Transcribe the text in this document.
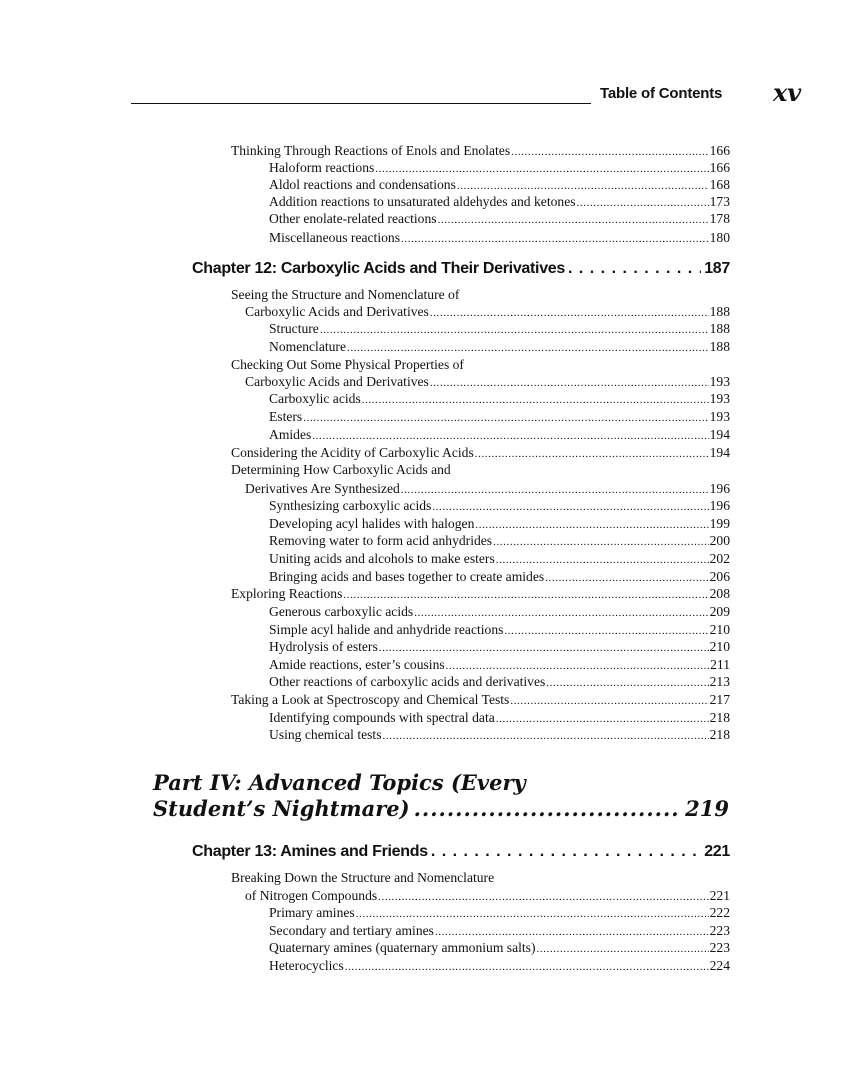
Table of Contents xv
Thinking Through Reactions of Enols and Enolates .....	166
Haloform reactions .....	166
Aldol reactions and condensations .....	168
Addition reactions to unsaturated aldehydes and ketones .....	173
Other enolate-related reactions .....	178
Miscellaneous reactions .....	180
Chapter 12: Carboxylic Acids and Their Derivatives . . .	187
Seeing the Structure and Nomenclature of
Carboxylic Acids and Derivatives .....	188
Structure .....	188
Nomenclature .....	188
Checking Out Some Physical Properties of
Carboxylic Acids and Derivatives .....	193
Carboxylic acids .....	193
Esters .....	193
Amides .....	194
Considering the Acidity of Carboxylic Acids .....	194
Determining How Carboxylic Acids and
Derivatives Are Synthesized .....	196
Synthesizing carboxylic acids .....	196
Developing acyl halides with halogen .....	199
Removing water to form acid anhydrides .....	200
Uniting acids and alcohols to make esters .....	202
Bringing acids and bases together to create amides .....	206
Exploring Reactions .....	208
Generous carboxylic acids .....	209
Simple acyl halide and anhydride reactions .....	210
Hydrolysis of esters .....	210
Amide reactions, ester’s cousins .....	211
Other reactions of carboxylic acids and derivatives .....	213
Taking a Look at Spectroscopy and Chemical Tests .....	217
Identifying compounds with spectral data .....	218
Using chemical tests .....	218
Part IV: Advanced Topics (Every
Student’s Nightmare) .....	219
Chapter 13: Amines and Friends . . .	221
Breaking Down the Structure and Nomenclature
of Nitrogen Compounds .....	221
Primary amines .....	222
Secondary and tertiary amines .....	223
Quaternary amines (quaternary ammonium salts) .....	223
Heterocyclics .....	224
